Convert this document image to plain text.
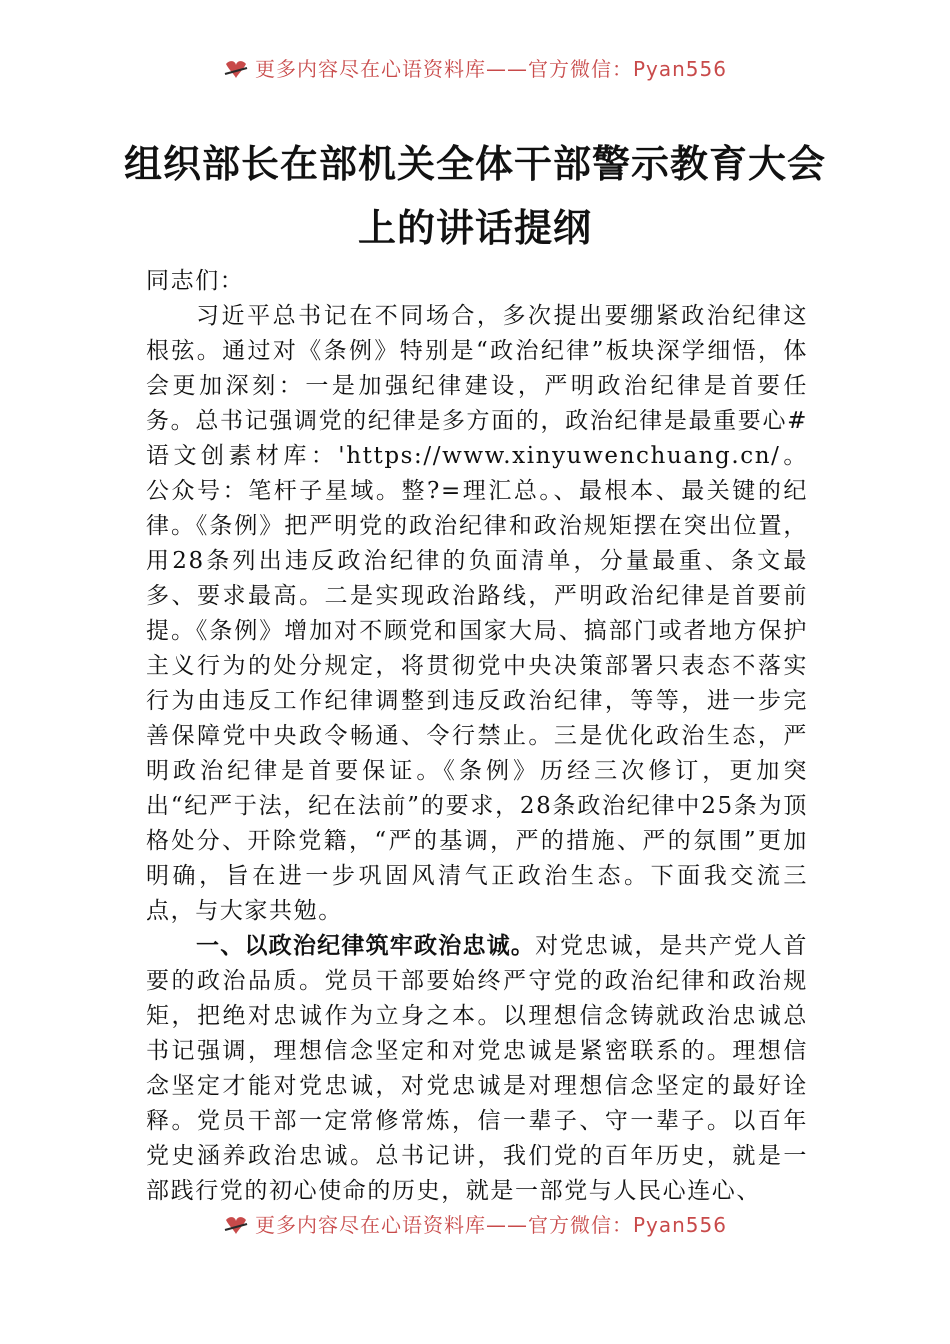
更多内容尽在心语资料库——官方微信：Pyan556
组织部长在部机关全体干部警示教育大会
上的讲话提纲

同志们：

习近平总书记在不同场合，多次提出要绷紧政治纪律这根弦。通过对《条例》特别是“政治纪律”板块深学细悟，体会更加深刻：一是加强纪律建设，严明政治纪律是首要任务。总书记强调党的纪律是多方面的，政治纪律是最重要心#语文创素材库：'https://www.xinyuwenchuang.cn/。公众号：笔杆子星域。整?=理汇总。、最根本、最关键的纪律。《条例》把严明党的政治纪律和政治规矩摆在突出位置，用28条列出违反政治纪律的负面清单，分量最重、条文最多、要求最高。二是实现政治路线，严明政治纪律是首要前提。《条例》增加对不顾党和国家大局、搞部门或者地方保护主义行为的处分规定，将贯彻党中央决策部署只表态不落实行为由违反工作纪律调整到违反政治纪律，等等，进一步完善保障党中央政令畅通、令行禁止。三是优化政治生态，严明政治纪律是首要保证。《条例》历经三次修订，更加突出“纪严于法，纪在法前”的要求，28条政治纪律中25条为顶格处分、开除党籍，“严的基调，严的措施、严的氛围”更加明确，旨在进一步巩固风清气正政治生态。下面我交流三点，与大家共勉。

一、以政治纪律筑牢政治忠诚。对党忠诚，是共产党人首要的政治品质。党员干部要始终严守党的政治纪律和政治规矩，把绝对忠诚作为立身之本。以理想信念铸就政治忠诚总书记强调，理想信念坚定和对党忠诚是紧密联系的。理想信念坚定才能对党忠诚，对党忠诚是对理想信念坚定的最好诠释。党员干部一定常修常炼，信一辈子、守一辈子。以百年党史涵养政治忠诚。总书记讲，我们党的百年历史，就是一部践行党的初心使命的历史，就是一部党与人民心连心、

更多内容尽在心语资料库——官方微信：Pyan556
